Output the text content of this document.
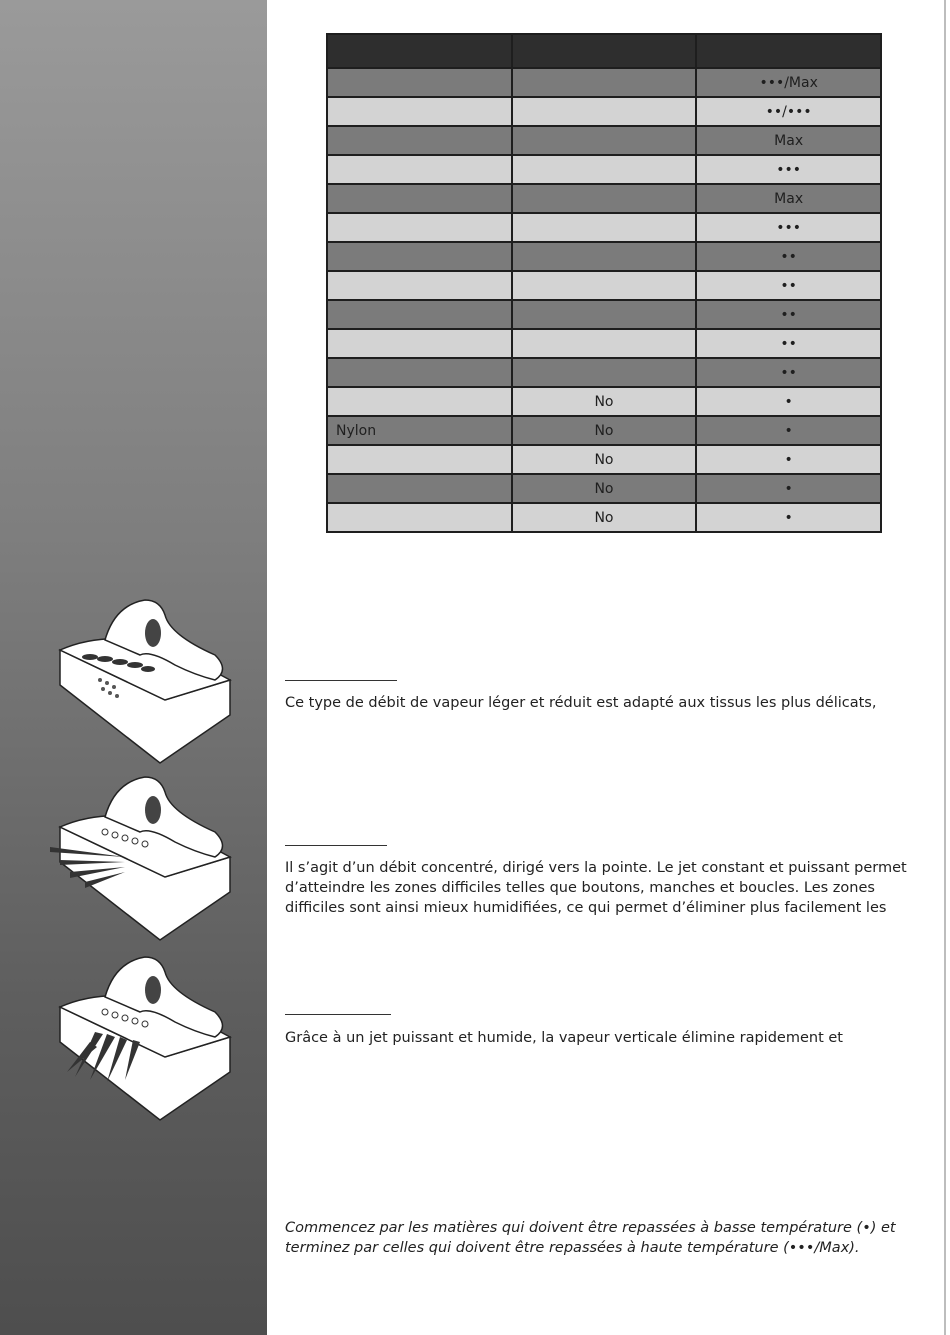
		•••/Max
		••/•••
		Max
		•••
		Max
		•••
		••
		••
		••
		••
		••
	No	•
Nylon	No	•
	No	•
	No	•
	No	•
Ce type de débit de vapeur léger et réduit est adapté aux tissus les plus délicats,
Il s’agit d’un débit concentré, dirigé vers la pointe. Le jet constant et puissant permet d’atteindre les zones difficiles telles que boutons, manches et boucles. Les zones difficiles sont ainsi mieux humidifiées, ce qui permet d’éliminer plus facilement les
Grâce à un jet puissant et humide, la vapeur verticale élimine rapidement et
Commencez par les matières qui doivent être repassées à basse température (•) et terminez par celles qui doivent être repassées à haute température (•••/Max).
